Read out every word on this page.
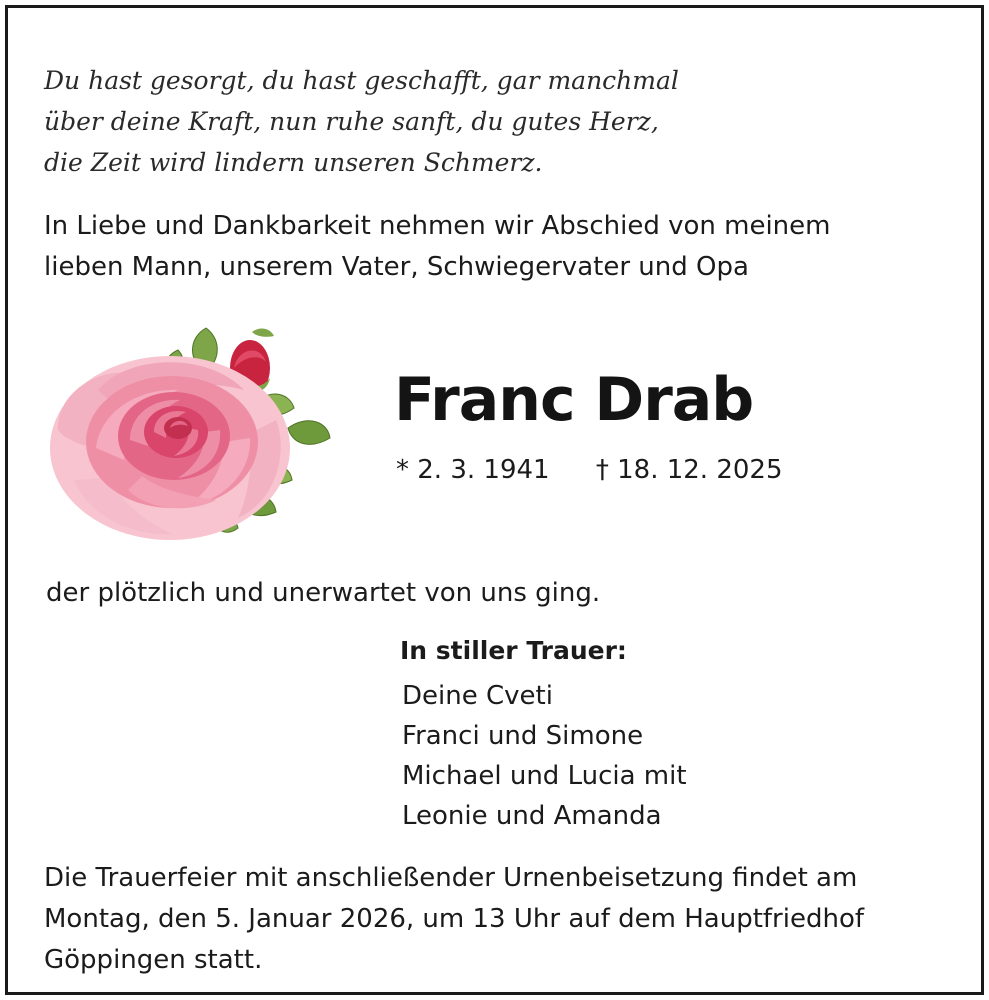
Du hast gesorgt, du hast geschafft, gar manchmal
über deine Kraft, nun ruhe sanft, du gutes Herz,
die Zeit wird lindern unseren Schmerz.
In Liebe und Dankbarkeit nehmen wir Abschied von meinem
lieben Mann, unserem Vater, Schwiegervater und Opa
Franc Drab
* 2. 3. 1941 † 18. 12. 2025
der plötzlich und unerwartet von uns ging.
In stiller Trauer:
Deine Cveti
Franci und Simone
Michael und Lucia mit
Leonie und Amanda
Die Trauerfeier mit anschließender Urnenbeisetzung findet am
Montag, den 5. Januar 2026, um 13 Uhr auf dem Hauptfriedhof
Göppingen statt.
